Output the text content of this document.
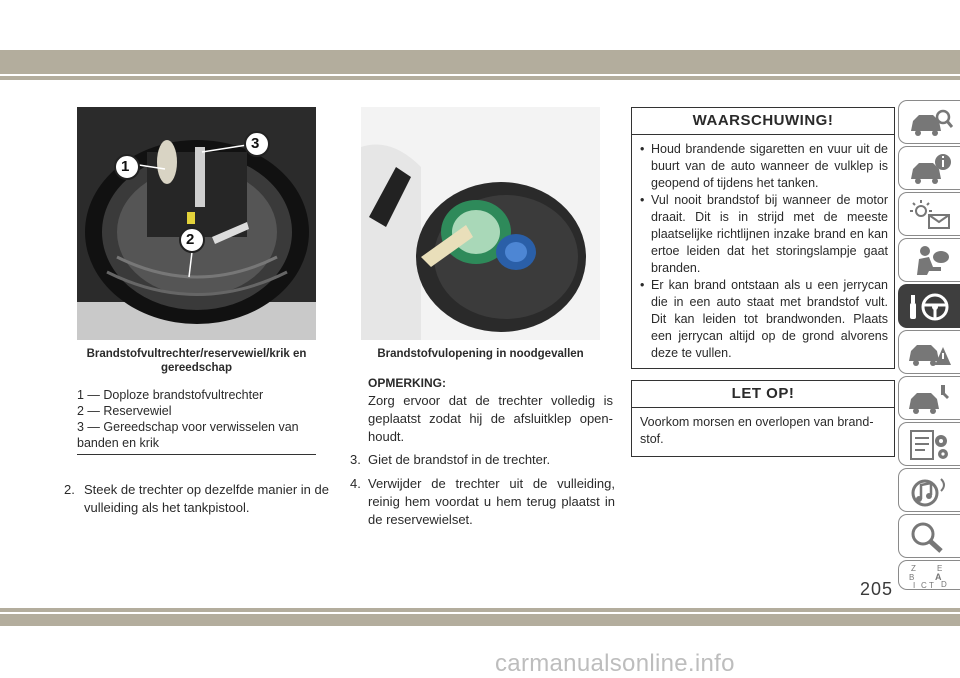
1
3
2
Brandstofvultrechter/reservewiel/krik en gereedschap
1 — Doploze brandstofvultrechter
2 — Reservewiel
3 — Gereedschap voor verwisselen van banden en krik
2. Steek de trechter op dezelfde manier in de vulleiding als het tankpistool.
Brandstofvulopening in noodgevallen
OPMERKING:
Zorg ervoor dat de trechter volledig is geplaatst zodat hij de afsluitklep openhoudt.
3. Giet de brandstof in de trechter.
4. Verwijder de trechter uit de vulleiding, reinig hem voordat u hem terug plaatst in de reservewielset.
WAARSCHUWING!
• Houd brandende sigaretten en vuur uit de buurt van de auto wanneer de vulklep is geopend of tijdens het tanken.
• Vul nooit brandstof bij wanneer de motor draait. Dit is in strijd met de meeste plaatselijke richtlijnen inzake brand en kan ertoe leiden dat het storingslampje gaat branden.
• Er kan brand ontstaan als u een jerrycan die in een auto staat met brandstof vult. Dit kan leiden tot brandwonden. Plaats een jerrycan altijd op de grond alvorens deze te vullen.
LET OP!

Voorkom morsen en overlopen van brandstof.

Z	E
B A
C D
I T
205
carmanualsonline.info
